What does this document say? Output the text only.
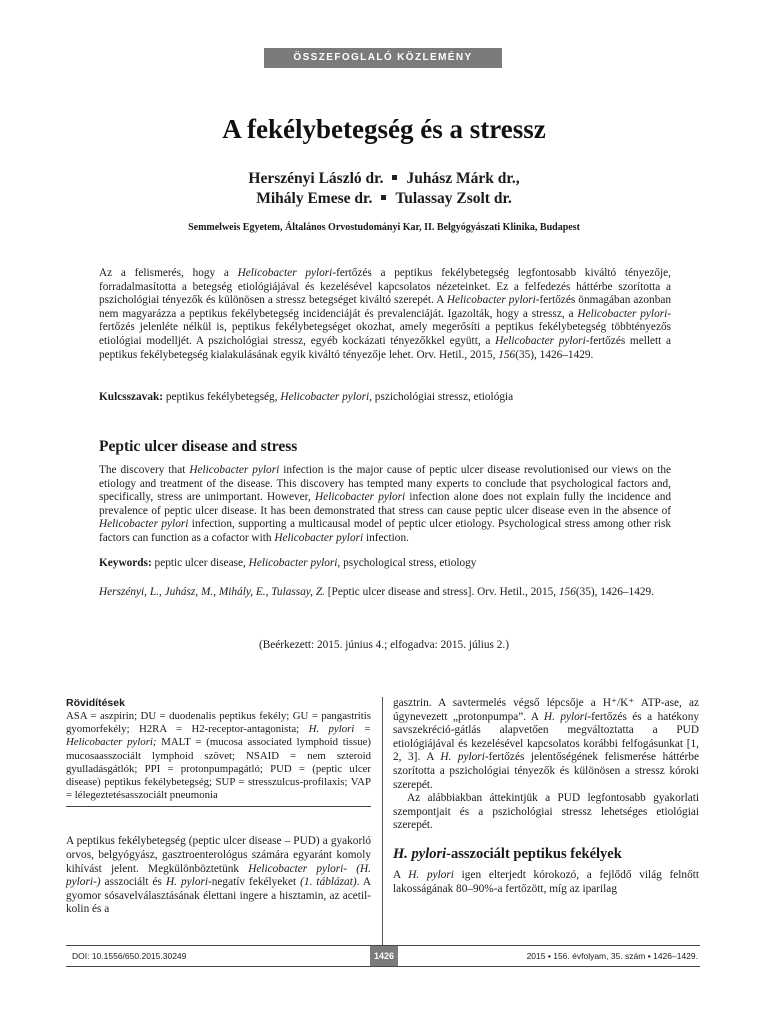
ÖSSZEFOGLALÓ KÖZLEMÉNY
A fekélybetegség és a stressz
Herszényi László dr. Juhász Márk dr.,
Mihály Emese dr. Tulassay Zsolt dr.
Semmelweis Egyetem, Általános Orvostudományi Kar, II. Belgyógyászati Klinika, Budapest
Az a felismerés, hogy a Helicobacter pylori-fertőzés a peptikus fekélybetegség legfontosabb kiváltó tényezője, forradalmasította a betegség etiológiájával és kezelésével kapcsolatos nézeteinket. Ez a felfedezés háttérbe szorította a pszichológiai tényezők és különösen a stressz betegséget kiváltó szerepét. A Helicobacter pylori-fertőzés önmagában azonban nem magyarázza a peptikus fekélybetegség incidenciáját és prevalenciáját. Igazolták, hogy a stressz, a Helicobacter pylori-fertőzés jelenléte nélkül is, peptikus fekélybetegséget okozhat, amely megerősíti a peptikus fekélybetegség többtényezős etiológiai modelljét. A pszichológiai stressz, egyéb kockázati tényezőkkel együtt, a Helicobacter pylori-fertőzés mellett a peptikus fekélybetegség kialakulásának egyik kiváltó tényezője lehet. Orv. Hetil., 2015, 156(35), 1426–1429.
Kulcsszavak: peptikus fekélybetegség, Helicobacter pylori, pszichológiai stressz, etiológia
Peptic ulcer disease and stress
The discovery that Helicobacter pylori infection is the major cause of peptic ulcer disease revolutionised our views on the etiology and treatment of the disease. This discovery has tempted many experts to conclude that psychological factors and, specifically, stress are unimportant. However, Helicobacter pylori infection alone does not explain fully the incidence and prevalence of peptic ulcer disease. It has been demonstrated that stress can cause peptic ulcer disease even in the absence of Helicobacter pylori infection, supporting a multicausal model of peptic ulcer etiology. Psychological stress among other risk factors can function as a cofactor with Helicobacter pylori infection.
Keywords: peptic ulcer disease, Helicobacter pylori, psychological stress, etiology
Herszényi, L., Juhász, M., Mihály, E., Tulassay, Z. [Peptic ulcer disease and stress]. Orv. Hetil., 2015, 156(35), 1426–1429.
(Beérkezett: 2015. június 4.; elfogadva: 2015. július 2.)
Rövidítések
ASA = aszpirin; DU = duodenalis peptikus fekély; GU = pangastritis gyomorfekély; H2RA = H2-receptor-antagonista; H. pylori = Helicobacter pylori; MALT = (mucosa associated lymphoid tissue) mucosaasszociált lymphoid szövet; NSAID = nem szteroid gyulladásgátlók; PPI = protonpumpagátló; PUD = (peptic ulcer disease) peptikus fekélybetegség; SUP = stresszulcus-profilaxis; VAP = lélegeztetésasszociált pneumonia
A peptikus fekélybetegség (peptic ulcer disease – PUD) a gyakorló orvos, belgyógyász, gasztroenterológus számára egyaránt komoly kihívást jelent. Megkülönböztetünk Helicobacter pylori- (H. pylori-) asszociált és H. pylori-negatív fekélyeket (1. táblázat). A gyomor sósavelválasztásának élettani ingere a hisztamin, az acetil-kolin és a

gasztrin. A savtermelés végső lépcsője a H⁺/K⁺ ATP-ase, az úgynevezett „protonpumpa”. A H. pylori-fertőzés és a hatékony savszekréció-gátlás alapvetően megváltoztatta a PUD etiológiájával és kezelésével kapcsolatos korábbi felfogásunkat [1, 2, 3]. A H. pylori-fertőzés jelentőségének felismerése háttérbe szorította a pszichológiai tényezők és különösen a stressz kóroki szerepét.

Az alábbiakban áttekintjük a PUD legfontosabb gyakorlati szempontjait és a pszichológiai stressz lehetséges etiológiai szerepét.

H. pylori-asszociált peptikus fekélyek

A H. pylori igen elterjedt kórokozó, a fejlődő világ felnőtt lakosságának 80–90%-a fertőzött, míg az iparilag

DOI: 10.1556/650.2015.30249	1426	2015 ▪ 156. évfolyam, 35. szám ▪ 1426–1429.
